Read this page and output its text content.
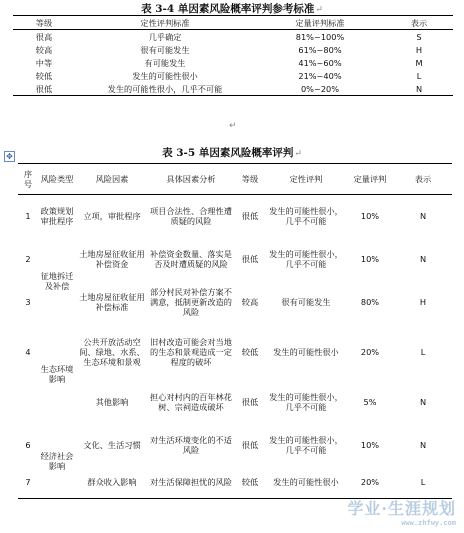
表 3-4 单因素风险概率评判参考标准↵
等级	定性评判标准	定量评判标准	表示
很高	几乎确定	81%~100%	S
较高	很有可能发生	61%~80%	H
中等	有可能发生	41%~60%	M
较低	发生的可能性很小	21%~40%	L
很低	发生的可能性很小，几乎不可能	0%~20%	N
↵
✥	表 3-5 单因素风险概率评判↵
序号	风险类型	风险因素	具体因素分析	等级	定性评判	定量评判	表示
1	政策规划审批程序	立项，审批程序	项目合法性、合理性遭质疑的风险	很低	发生的可能性很小，几乎不可能	10%	N
2	征地拆迁及补偿	土地房屋征收征用补偿资金	补偿资金数量、落实是否及时遭质疑的风险	很低	发生的可能性很小，几乎不可能	10%	N
3		土地房屋征收征用补偿标准	部分村民对补偿方案不满意，抵制更新改造的风险	较高	很有可能发生	80%	H
4	生态环境影响	公共开放活动空间、绿地、水系、生态环境和景观	旧村改造可能会对当地的生态和景观造成一定程度的破坏	较低	发生的可能性很小	20%	L
		其他影响	担心对村内的百年林花树、宗祠造成破坏	很低	发生的可能性很小，几乎不可能	5%	N
6	经济社会影响	文化、生活习惯	对生活环境变化的不适风险	很低	发生的可能性很小，几乎不可能	10%	N
7		群众收入影响	对生活保障担忧的风险	较低	发生的可能性很小	20%	L
学业·生涯规划
www.zhfwy.com
